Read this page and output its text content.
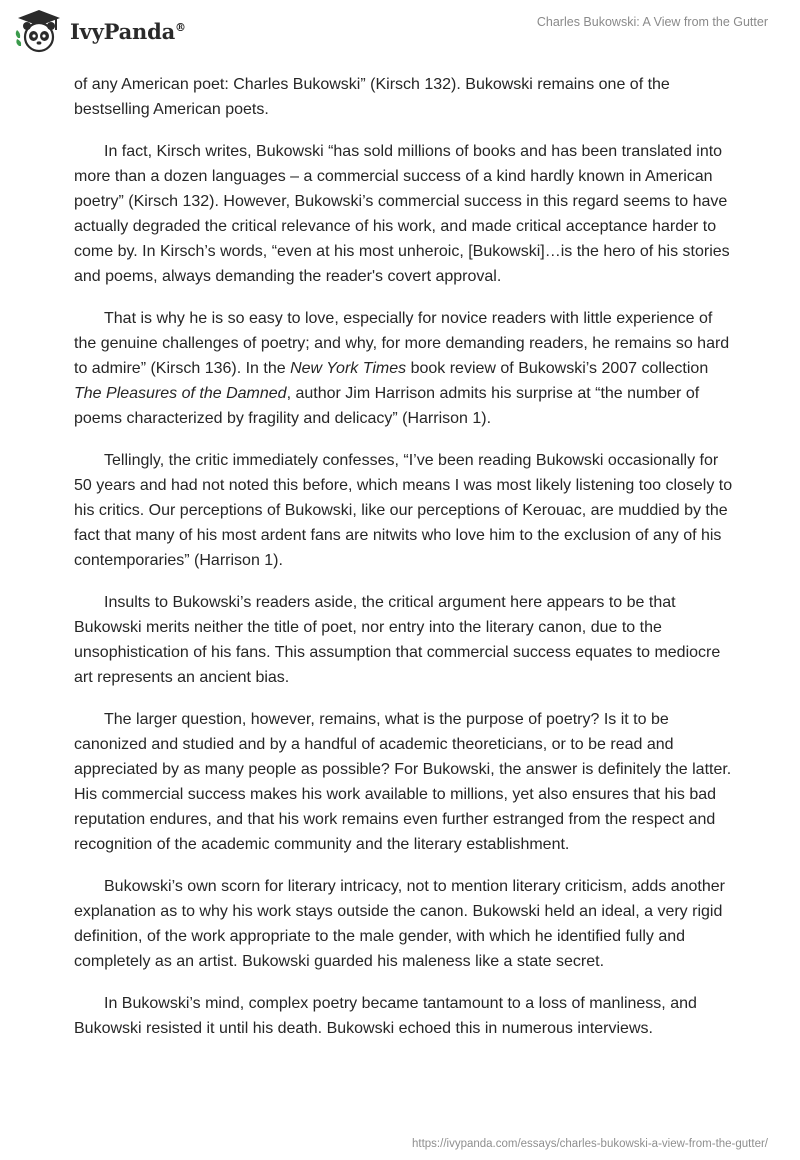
IvyPanda®	Charles Bukowski: A View from the Gutter

of any American poet: Charles Bukowski” (Kirsch 132). Bukowski remains one of the bestselling American poets.

In fact, Kirsch writes, Bukowski “has sold millions of books and has been translated into more than a dozen languages – a commercial success of a kind hardly known in American poetry” (Kirsch 132). However, Bukowski’s commercial success in this regard seems to have actually degraded the critical relevance of his work, and made critical acceptance harder to come by. In Kirsch’s words, “even at his most unheroic, [Bukowski]…is the hero of his stories and poems, always demanding the reader's covert approval.

That is why he is so easy to love, especially for novice readers with little experience of the genuine challenges of poetry; and why, for more demanding readers, he remains so hard to admire” (Kirsch 136). In the New York Times book review of Bukowski’s 2007 collection The Pleasures of the Damned, author Jim Harrison admits his surprise at “the number of poems characterized by fragility and delicacy” (Harrison 1).

Tellingly, the critic immediately confesses, “I’ve been reading Bukowski occasionally for 50 years and had not noted this before, which means I was most likely listening too closely to his critics. Our perceptions of Bukowski, like our perceptions of Kerouac, are muddied by the fact that many of his most ardent fans are nitwits who love him to the exclusion of any of his contemporaries” (Harrison 1).

Insults to Bukowski’s readers aside, the critical argument here appears to be that Bukowski merits neither the title of poet, nor entry into the literary canon, due to the unsophistication of his fans. This assumption that commercial success equates to mediocre art represents an ancient bias.

The larger question, however, remains, what is the purpose of poetry? Is it to be canonized and studied and by a handful of academic theoreticians, or to be read and appreciated by as many people as possible? For Bukowski, the answer is definitely the latter. His commercial success makes his work available to millions, yet also ensures that his bad reputation endures, and that his work remains even further estranged from the respect and recognition of the academic community and the literary establishment.

Bukowski’s own scorn for literary intricacy, not to mention literary criticism, adds another explanation as to why his work stays outside the canon. Bukowski held an ideal, a very rigid definition, of the work appropriate to the male gender, with which he identified fully and completely as an artist. Bukowski guarded his maleness like a state secret.

In Bukowski’s mind, complex poetry became tantamount to a loss of manliness, and Bukowski resisted it until his death. Bukowski echoed this in numerous interviews.

https://ivypanda.com/essays/charles-bukowski-a-view-from-the-gutter/
